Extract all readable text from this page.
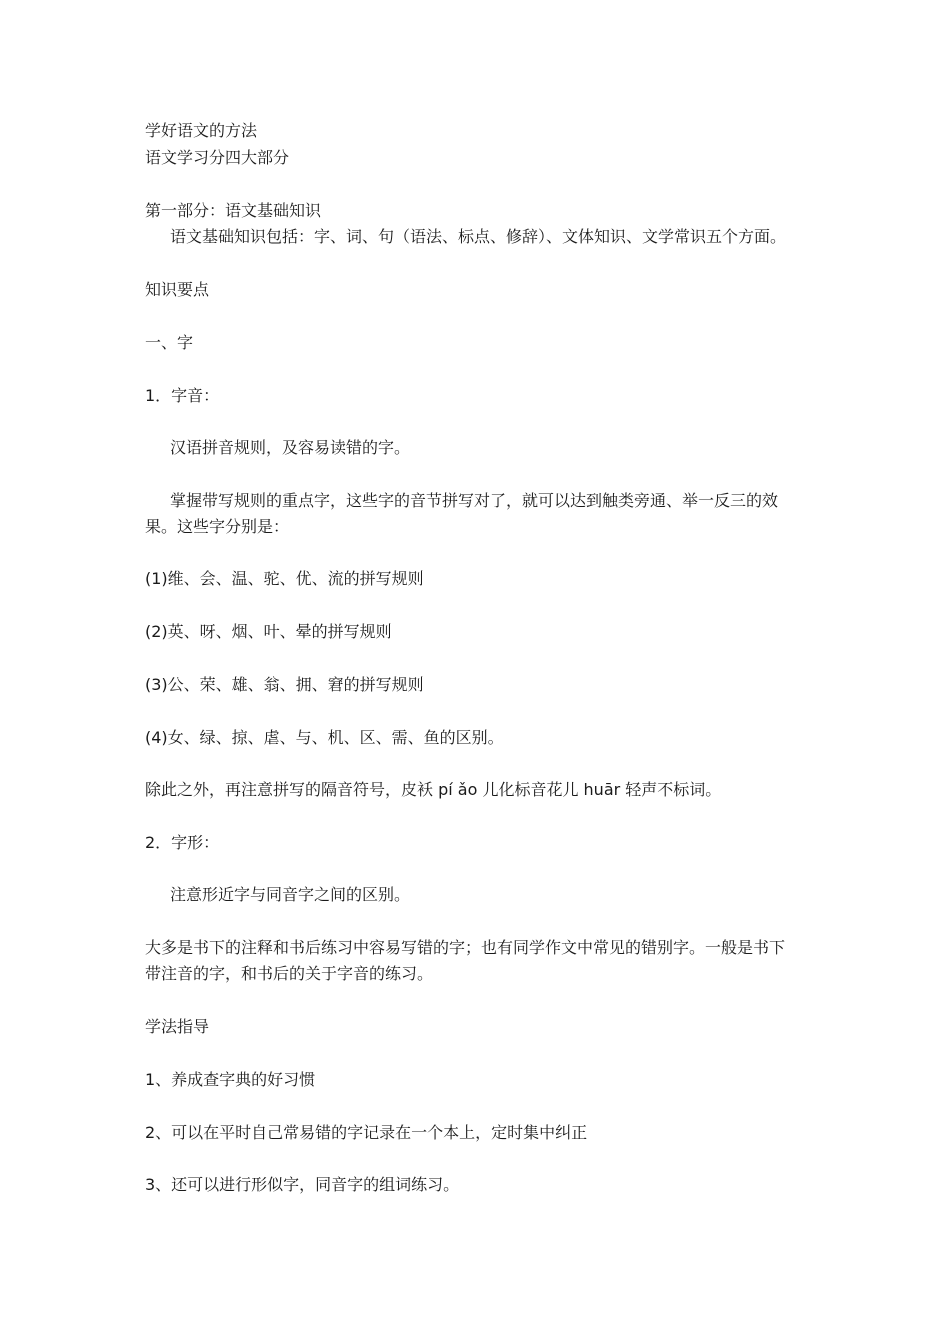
学好语文的方法
语文学习分四大部分
第一部分：语文基础知识
语文基础知识包括：字、词、句（语法、标点、修辞）、文体知识、文学常识五个方面。
知识要点
一、字
1．字音：
汉语拼音规则，及容易读错的字。
掌握带写规则的重点字，这些字的音节拼写对了，就可以达到触类旁通、举一反三的效
果。这些字分别是：
(1)维、会、温、驼、优、流的拼写规则
(2)英、呀、烟、叶、晕的拼写规则
(3)公、荣、雄、翁、拥、窘的拼写规则
(4)女、绿、掠、虐、与、机、区、需、鱼的区别。
除此之外，再注意拼写的隔音符号，皮袄 pí ǎo 儿化标音花儿 huār 轻声不标词。
2．字形：
注意形近字与同音字之间的区别。
大多是书下的注释和书后练习中容易写错的字；也有同学作文中常见的错别字。一般是书下
带注音的字，和书后的关于字音的练习。
学法指导
1、养成查字典的好习惯
2、可以在平时自己常易错的字记录在一个本上，定时集中纠正
3、还可以进行形似字，同音字的组词练习。
